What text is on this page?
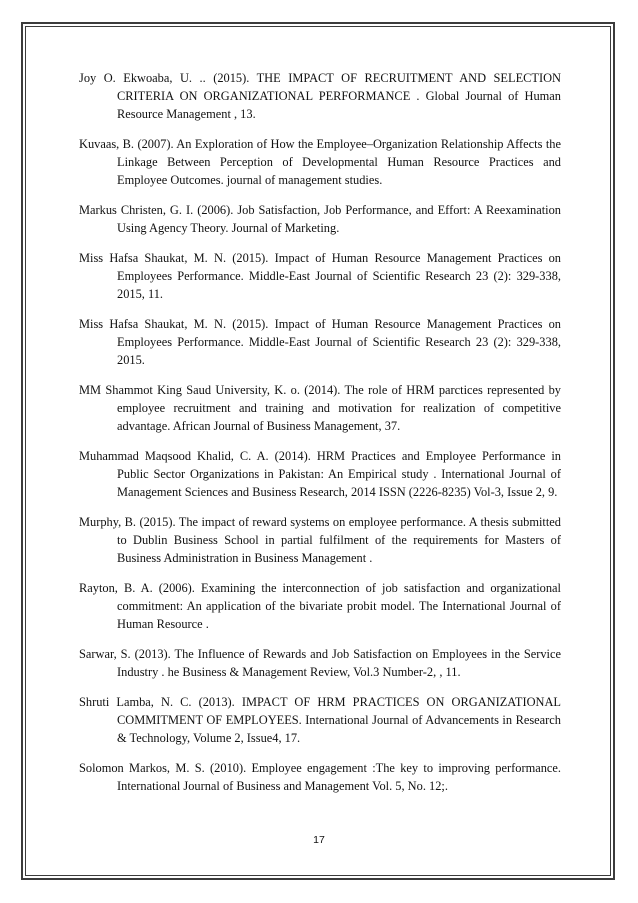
Joy O. Ekwoaba, U. .. (2015). THE IMPACT OF RECRUITMENT AND SELECTION CRITERIA ON ORGANIZATIONAL PERFORMANCE . Global Journal of Human Resource Management , 13.

Kuvaas, B. (2007). An Exploration of How the Employee–Organization Relationship Affects the Linkage Between Perception of Developmental Human Resource Practices and Employee Outcomes. journal of management studies.

Markus Christen, G. I. (2006). Job Satisfaction, Job Performance, and Effort: A Reexamination Using Agency Theory. Journal of Marketing.

Miss Hafsa Shaukat, M. N. (2015). Impact of Human Resource Management Practices on Employees Performance. Middle-East Journal of Scientific Research 23 (2): 329-338, 2015, 11.

Miss Hafsa Shaukat, M. N. (2015). Impact of Human Resource Management Practices on Employees Performance. Middle-East Journal of Scientific Research 23 (2): 329-338, 2015.

MM Shammot King Saud University, K. o. (2014). The role of HRM parctices represented by employee recruitment and training and motivation for realization of competitive advantage. African Journal of Business Management, 37.

Muhammad Maqsood Khalid, C. A. (2014). HRM Practices and Employee Performance in Public Sector Organizations in Pakistan: An Empirical study . International Journal of Management Sciences and Business Research, 2014 ISSN (2226-8235) Vol-3, Issue 2, 9.

Murphy, B. (2015). The impact of reward systems on employee performance. A thesis submitted to Dublin Business School in partial fulfilment of the requirements for Masters of Business Administration in Business Management .

Rayton, B. A. (2006). Examining the interconnection of job satisfaction and organizational commitment: An application of the bivariate probit model. The International Journal of Human Resource .

Sarwar, S. (2013). The Influence of Rewards and Job Satisfaction on Employees in the Service Industry . he Business & Management Review, Vol.3 Number-2, , 11.

Shruti Lamba, N. C. (2013). IMPACT OF HRM PRACTICES ON ORGANIZATIONAL COMMITMENT OF EMPLOYEES. International Journal of Advancements in Research & Technology, Volume 2, Issue4, 17.

Solomon Markos, M. S. (2010). Employee engagement :The key to improving performance. International Journal of Business and Management Vol. 5, No. 12;.

17
